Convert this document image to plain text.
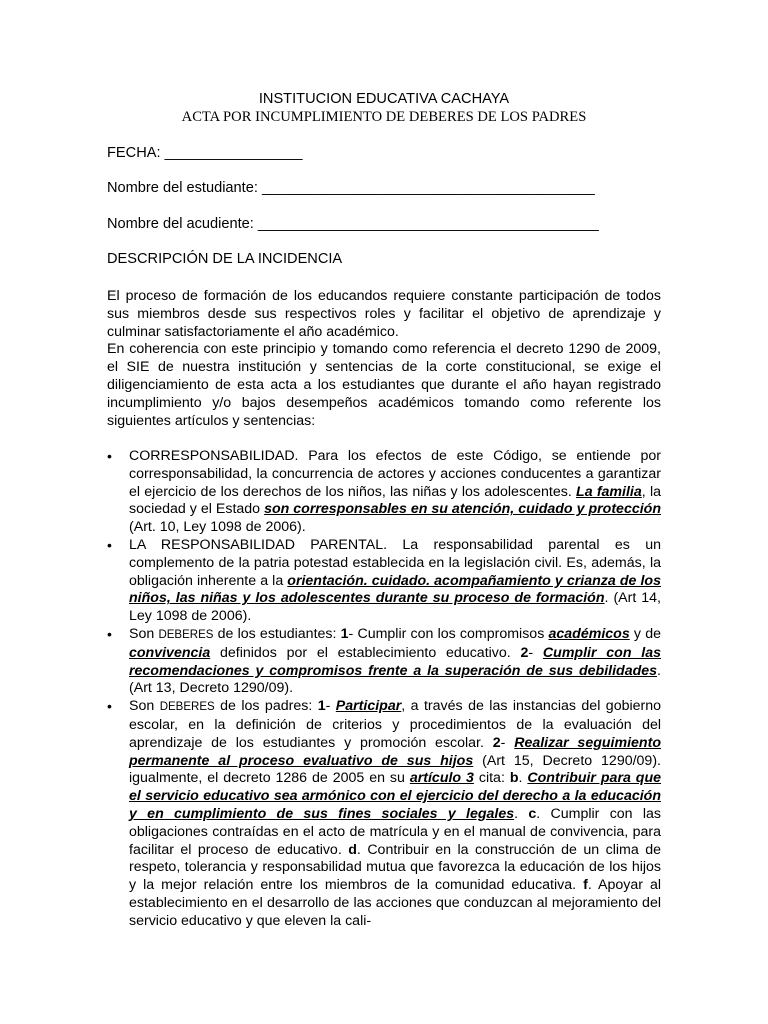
INSTITUCION EDUCATIVA CACHAYA

ACTA POR INCUMPLIMIENTO DE DEBERES DE LOS PADRES

FECHA: _________________

Nombre del estudiante: _________________________________________

Nombre del acudiente: __________________________________________

DESCRIPCIÓN DE LA INCIDENCIA

El proceso de formación de los educandos requiere constante participación de todos sus miembros desde sus respectivos roles y facilitar el objetivo de aprendizaje y culminar satisfactoriamente el año académico.

En coherencia con este principio y tomando como referencia el decreto 1290 de 2009, el SIE de nuestra institución y sentencias de la corte constitucional, se exige el diligenciamiento de esta acta a los estudiantes que durante el año hayan registrado incumplimiento y/o bajos desempeños académicos tomando como referente los siguientes artículos y sentencias:

• CORRESPONSABILIDAD. Para los efectos de este Código, se entiende por corresponsabilidad, la concurrencia de actores y acciones conducentes a garantizar el ejercicio de los derechos de los niños, las niñas y los adolescentes. La familia, la sociedad y el Estado son corresponsables en su atención, cuidado y protección (Art. 10, Ley 1098 de 2006).
• LA RESPONSABILIDAD PARENTAL. La responsabilidad parental es un complemento de la patria potestad establecida en la legislación civil. Es, además, la obligación inherente a la orientación. cuidado. acompañamiento y crianza de los niños, las niñas y los adolescentes durante su proceso de formación. (Art 14, Ley 1098 de 2006).
• Son DEBERES de los estudiantes: 1- Cumplir con los compromisos académicos y de convivencia definidos por el establecimiento educativo. 2- Cumplir con las recomendaciones y compromisos frente a la superación de sus debilidades. (Art 13, Decreto 1290/09).
• Son DEBERES de los padres: 1- Participar, a través de las instancias del gobierno escolar, en la definición de criterios y procedimientos de la evaluación del aprendizaje de los estudiantes y promoción escolar. 2- Realizar seguimiento permanente al proceso evaluativo de sus hijos (Art 15, Decreto 1290/09). igualmente, el decreto 1286 de 2005 en su artículo 3 cita: b. Contribuir para que el servicio educativo sea armónico con el ejercicio del derecho a la educación y en cumplimiento de sus fines sociales y legales. c. Cumplir con las obligaciones contraídas en el acto de matrícula y en el manual de convivencia, para facilitar el proceso de educativo. d. Contribuir en la construcción de un clima de respeto, tolerancia y responsabilidad mutua que favorezca la educación de los hijos y la mejor relación entre los miembros de la comunidad educativa. f. Apoyar al establecimiento en el desarrollo de las acciones que conduzcan al mejoramiento del servicio educativo y que eleven la cali-
